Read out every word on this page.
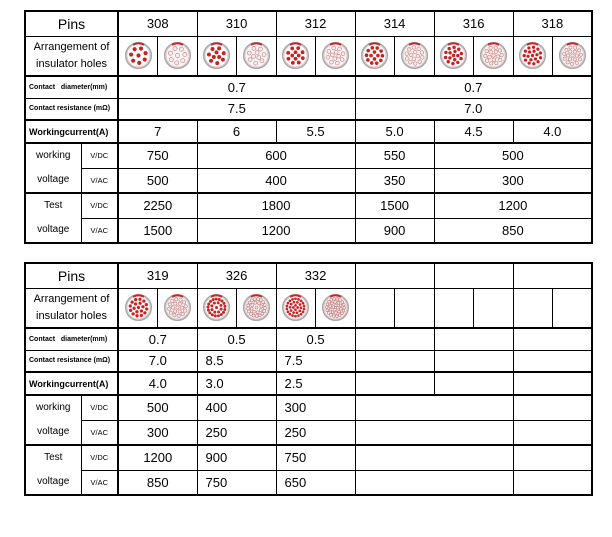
Pins		308		310		312		314		316		318	

Arrangement of
insulator holes

Contact   diameter(mm)		0.7						0.7					
Contact resistance (mΩ)		7.5						7.0					
Workingcurrent(A)		7		6		5.5		5.0		4.5		4.0	

working
voltage	V/DC	750		600				550		500			
	V/AC	500		400				350		300			

Test
voltage	V/DC	2250		1800				1500		1200			
	V/AC	1500		1200				900		850			
Pins		319		326		332							

Arrangement of
insulator holes

Contact   diameter(mm)		0.7		0.5		0.5							
Contact resistance (mΩ)		7.0		8.5		7.5							
Workingcurrent(A)		4.0		3.0		2.5							

working
voltage	V/DC	500		400		300							
	V/AC	300		250		250							

Test
voltage	V/DC	1200		900		750							
	V/AC	850		750		650							
